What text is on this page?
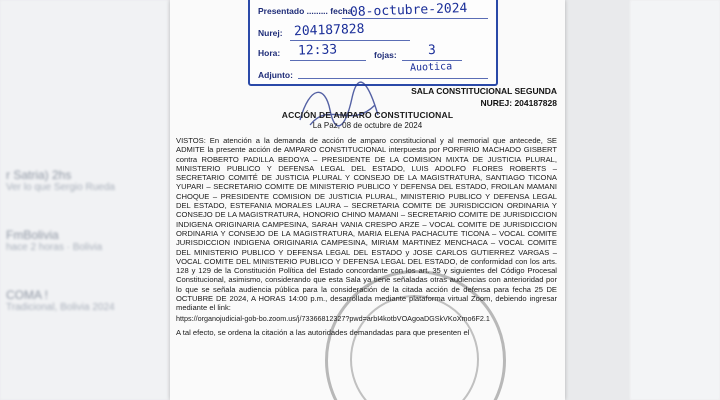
r Satria) 2hs
Ver lo que Sergio Rueda
FmBolivia
hace 2 horas · Bolivia
COMA !
Tradicional, Bolivia 2024
Presentado ......... fecha
08-octubre-2024
Nurej: 204187828
Hora: 12:33	fojas: 3
Adjunto:
Auotica
SALA CONSTITUCIONAL SEGUNDA
NUREJ: 204187828
ACCIÓN DE AMPARO CONSTITUCIONAL
La Paz, 08 de octubre de 2024

VISTOS: En atención a la demanda de acción de amparo constitucional y al memorial que antecede, SE ADMITE la presente acción de AMPARO CONSTITUCIONAL interpuesta por PORFIRIO MACHADO GISBERT contra ROBERTO PADILLA BEDOYA – PRESIDENTE DE LA COMISION MIXTA DE JUSTICIA PLURAL, MINISTERIO PUBLICO Y DEFENSA LEGAL DEL ESTADO, LUIS ADOLFO FLORES ROBERTS – SECRETARIO COMITÉ DE JUSTICIA PLURAL Y CONSEJO DE LA MAGISTRATURA, SANTIAGO TICONA YUPARI – SECRETARIO COMITE DE MINISTERIO PUBLICO Y DEFENSA DEL ESTADO, FROILAN MAMANI CHOQUE – PRESIDENTE COMISION DE JUSTICIA PLURAL, MINISTERIO PUBLICO Y DEFENSA LEGAL DEL ESTADO, ESTEFANIA MORALES LAURA – SECRETARIA COMITE DE JURISDICCION ORDINARIA Y CONSEJO DE LA MAGISTRATURA, HONORIO CHINO MAMANI – SECRETARIO COMITE DE JURISDICCION INDIGENA ORIGINARIA CAMPESINA, SARAH VANIA CRESPO ARZE – VOCAL COMITE DE JURISDICCION ORDINARIA Y CONSEJO DE LA MAGISTRATURA, MARIA ELENA PACHACUTE TICONA – VOCAL COMITE JURISDICCION INDIGENA ORIGINARIA CAMPESINA, MIRIAM MARTINEZ MENCHACA – VOCAL COMITE DEL MINISTERIO PUBLICO Y DEFENSA LEGAL DEL ESTADO y JOSE CARLOS GUTIERREZ VARGAS – VOCAL COMITE DEL MINISTERIO PUBLICO Y DEFENSA LEGAL DEL ESTADO, de conformidad con los arts. 128 y 129 de la Constitución Política del Estado concordante con los art. 35 y siguientes del Código Procesal Constitucional, asimismo, considerando que esta Sala ya tiene señaladas otras audiencias con anterioridad por lo que se señala audiencia pública para la consideración de la citada acción de defensa para fecha 25 DE OCTUBRE DE 2024, A HORAS 14:00 p.m., desarrollada mediante plataforma virtual Zoom, debiendo ingresar mediante el link:

https://organojudicial-gob-bo.zoom.us/j/73366812327?pwd=arbI4kotbVOAgoaDGSkVKoXmo6F2.1

A tal efecto, se ordena la citación a las autoridades demandadas para que presenten el
